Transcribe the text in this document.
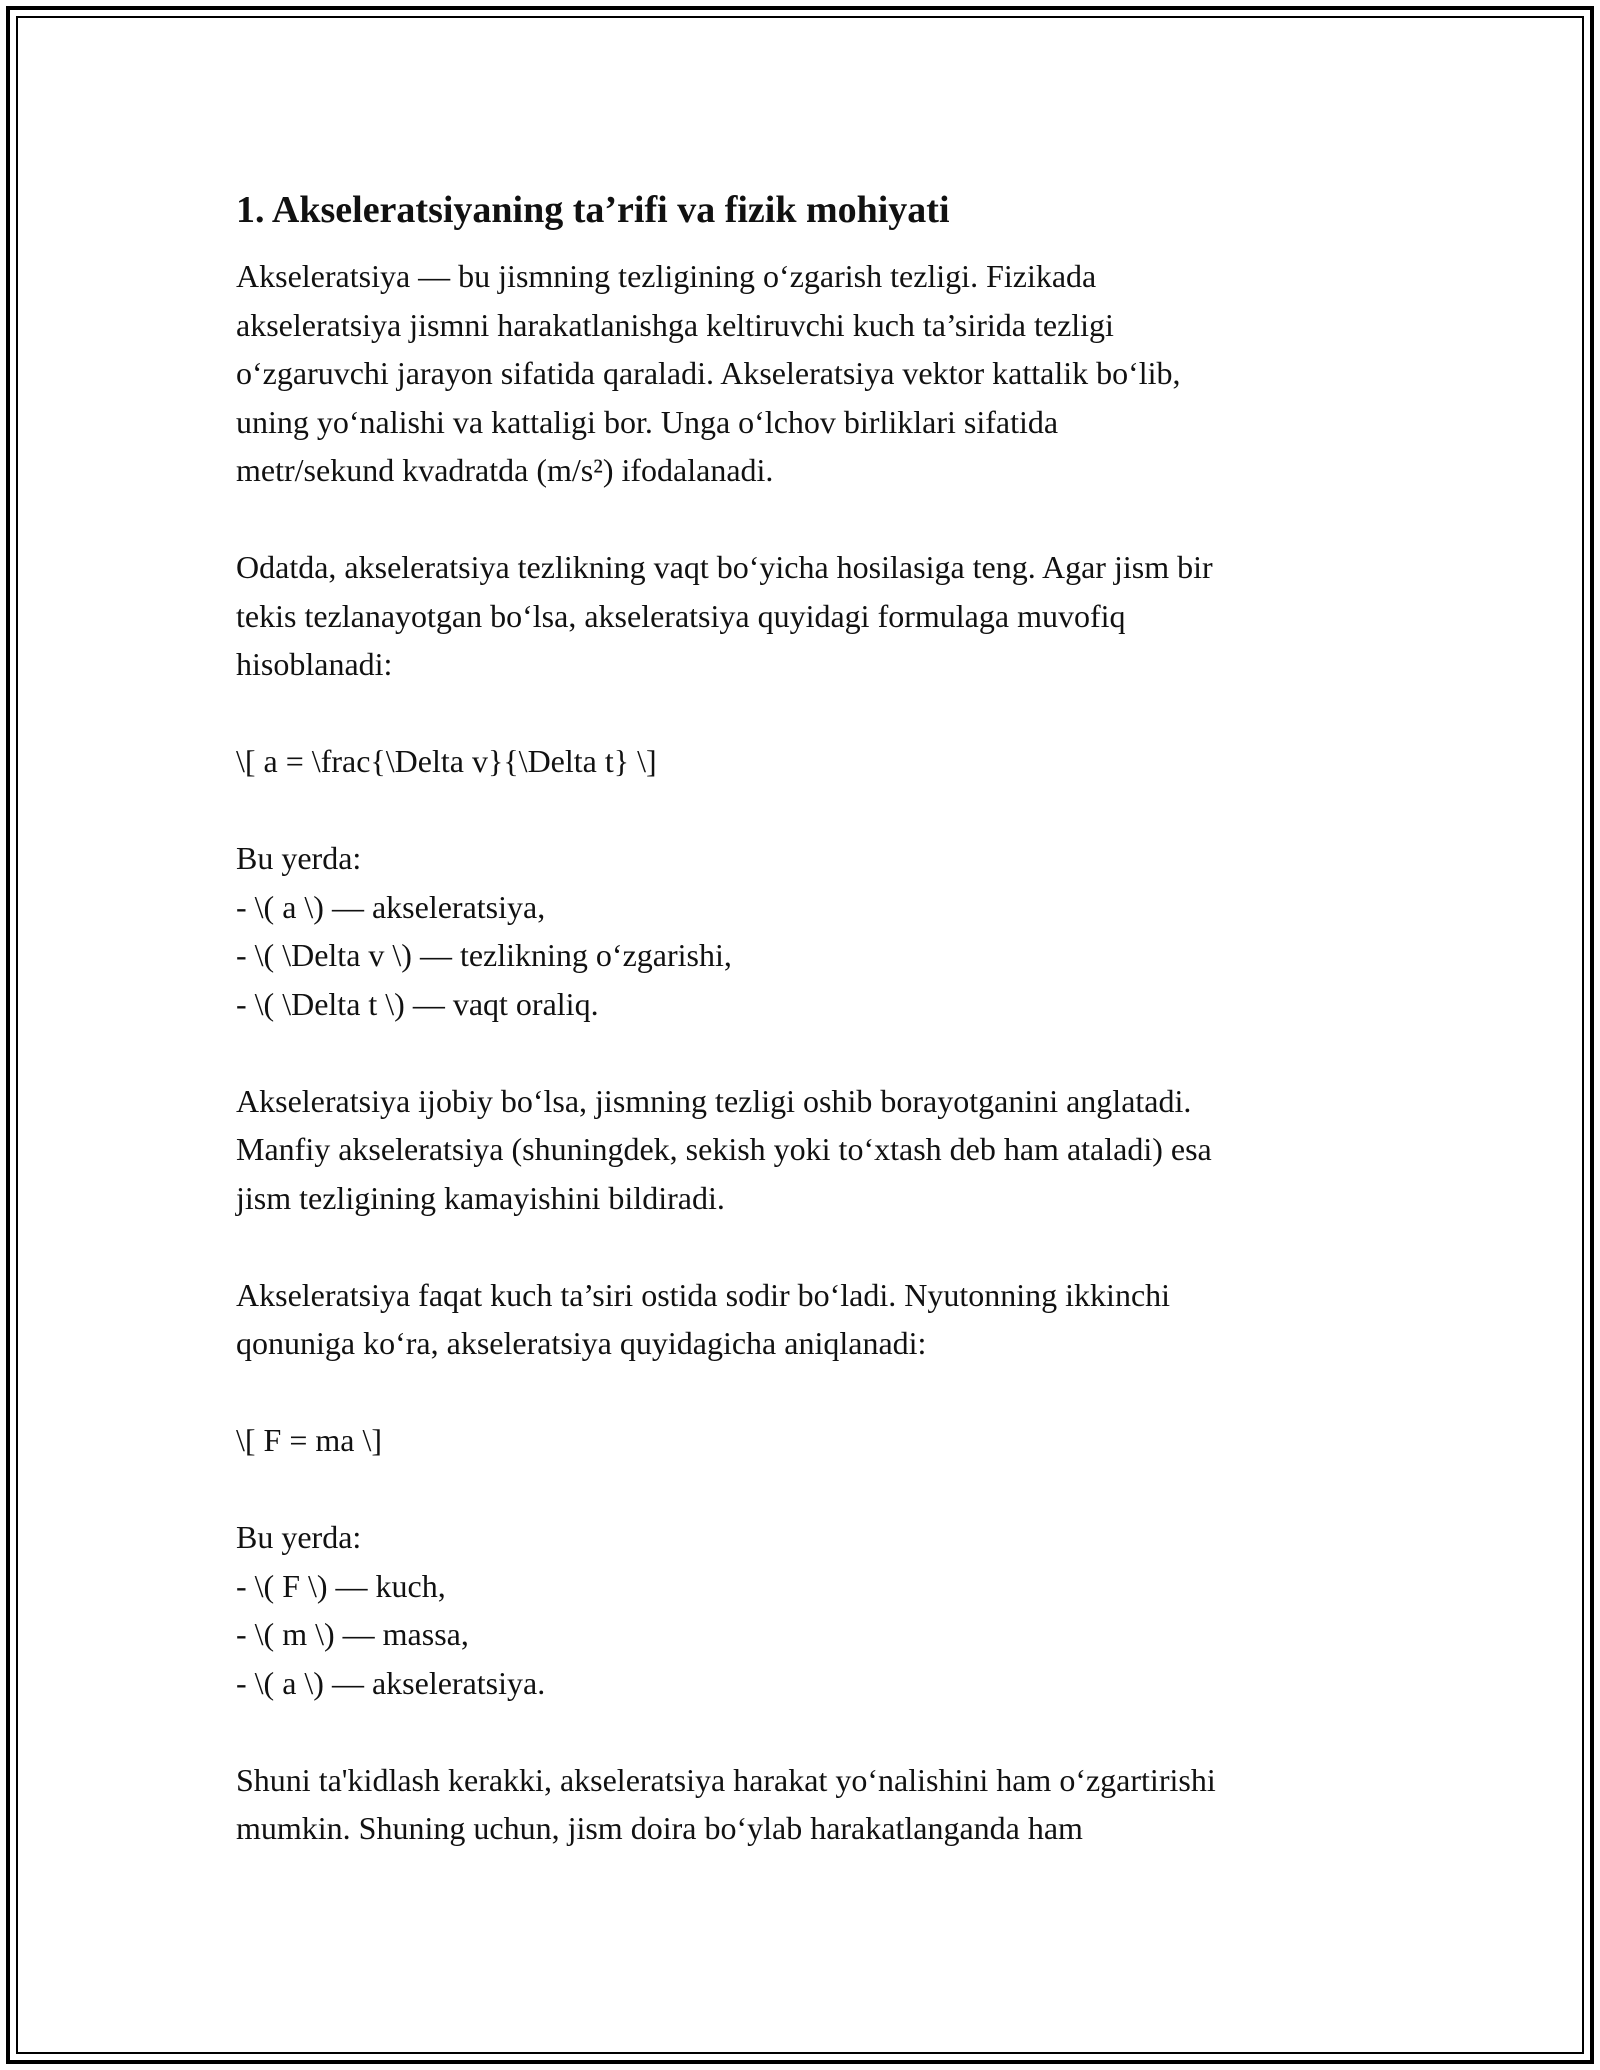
1. Akseleratsiyaning ta’rifi va fizik mohiyati

Akseleratsiya — bu jismning tezligining o‘zgarish tezligi. Fizikada
akseleratsiya jismni harakatlanishga keltiruvchi kuch ta’sirida tezligi
o‘zgaruvchi jarayon sifatida qaraladi. Akseleratsiya vektor kattalik bo‘lib,
uning yo‘nalishi va kattaligi bor. Unga o‘lchov birliklari sifatida
metr/sekund kvadratda (m/s²) ifodalanadi.

Odatda, akseleratsiya tezlikning vaqt bo‘yicha hosilasiga teng. Agar jism bir
tekis tezlanayotgan bo‘lsa, akseleratsiya quyidagi formulaga muvofiq
hisoblanadi:

\[ a = \frac{\Delta v}{\Delta t} \]

Bu yerda:
- \( a \) — akseleratsiya,
- \( \Delta v \) — tezlikning o‘zgarishi,
- \( \Delta t \) — vaqt oraliq.

Akseleratsiya ijobiy bo‘lsa, jismning tezligi oshib borayotganini anglatadi.
Manfiy akseleratsiya (shuningdek, sekish yoki to‘xtash deb ham ataladi) esa
jism tezligining kamayishini bildiradi.

Akseleratsiya faqat kuch ta’siri ostida sodir bo‘ladi. Nyutonning ikkinchi
qonuniga ko‘ra, akseleratsiya quyidagicha aniqlanadi:

\[ F = ma \]

Bu yerda:
- \( F \) — kuch,
- \( m \) — massa,
- \( a \) — akseleratsiya.

Shuni ta'kidlash kerakki, akseleratsiya harakat yo‘nalishini ham o‘zgartirishi
mumkin. Shuning uchun, jism doira bo‘ylab harakatlanganda ham
